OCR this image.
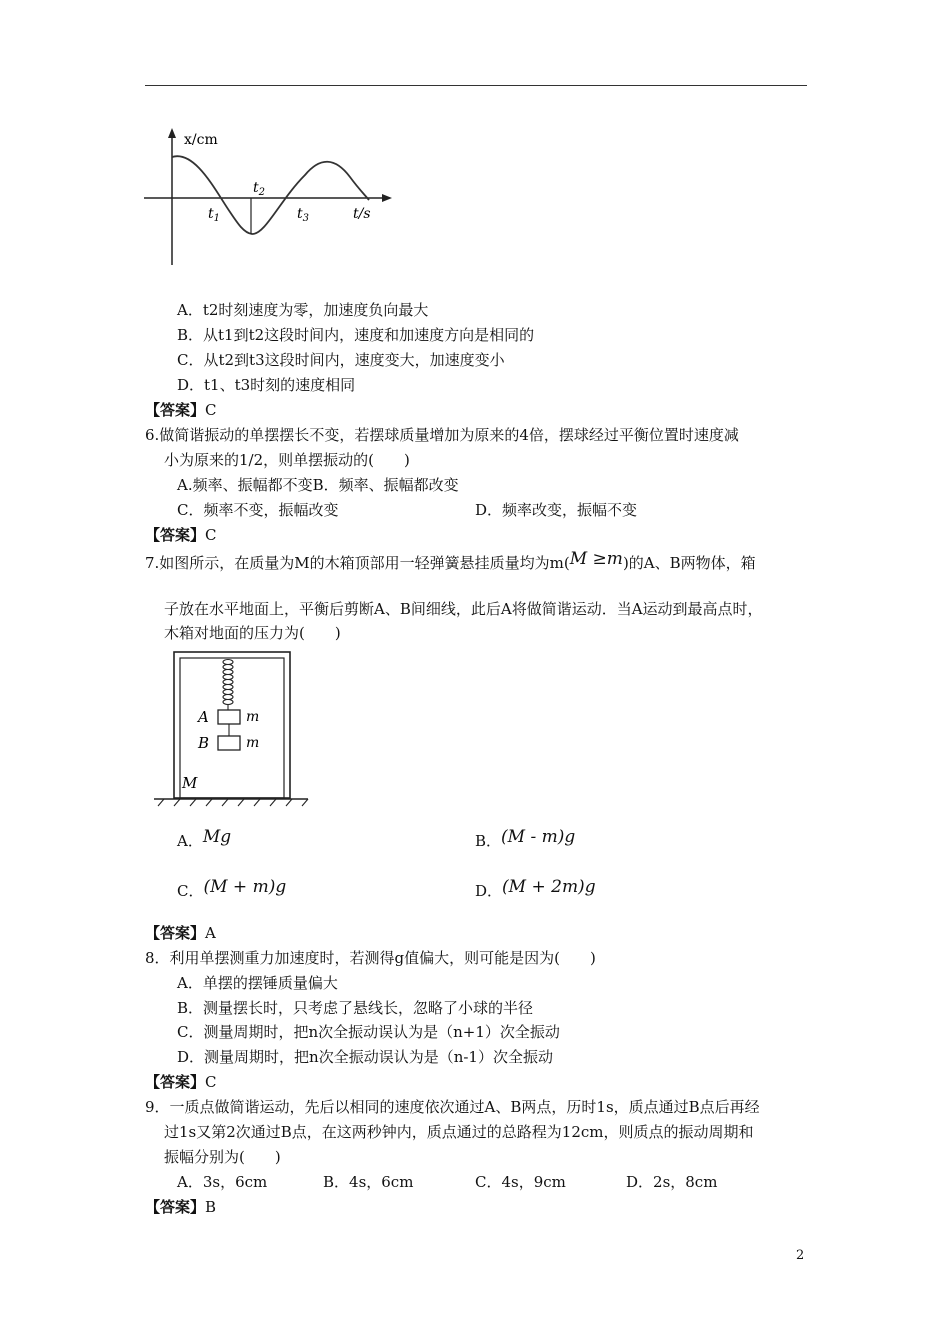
x/cm
$t_1$
$t_2$
$t_3$	t/s
A．t2时刻速度为零，加速度负向最大
B．从t1到t2这段时间内，速度和加速度方向是相同的
C．从t2到t3这段时间内，速度变大，加速度变小
D．t1、t3时刻的速度相同
【答案】C
6.做简谐振动的单摆摆长不变，若摆球质量增加为原来的4倍，摆球经过平衡位置时速度减
小为原来的1/2，则单摆振动的(　　)
A.频率、振幅都不变B．频率、振幅都改变
C．频率不变，振幅改变	D．频率改变，振幅不变
【答案】C
7.如图所示，在质量为M的木箱顶部用一轻弹簧悬挂质量均为m(M ≥m)的A、B两物体，箱
子放在水平地面上，平衡后剪断A、B间细线，此后A将做简谐运动．当A运动到最高点时，
木箱对地面的压力为(　　)
A	m
B	m
M
A．Mg	B．(M - m)g
C．(M + m)g	D．(M + 2m)g
【答案】A
8．利用单摆测重力加速度时，若测得g值偏大，则可能是因为(　　)
A．单摆的摆锤质量偏大
B．测量摆长时，只考虑了悬线长，忽略了小球的半径
C．测量周期时，把n次全振动误认为是（n+1）次全振动
D．测量周期时，把n次全振动误认为是（n-1）次全振动
【答案】C
9．一质点做简谐运动，先后以相同的速度依次通过A、B两点，历时1s，质点通过B点后再经
过1s又第2次通过B点，在这两秒钟内，质点通过的总路程为12cm，则质点的振动周期和
振幅分别为(　　)
A．3s，6cm	B．4s，6cm	C．4s，9cm	D．2s，8cm
【答案】B
2
